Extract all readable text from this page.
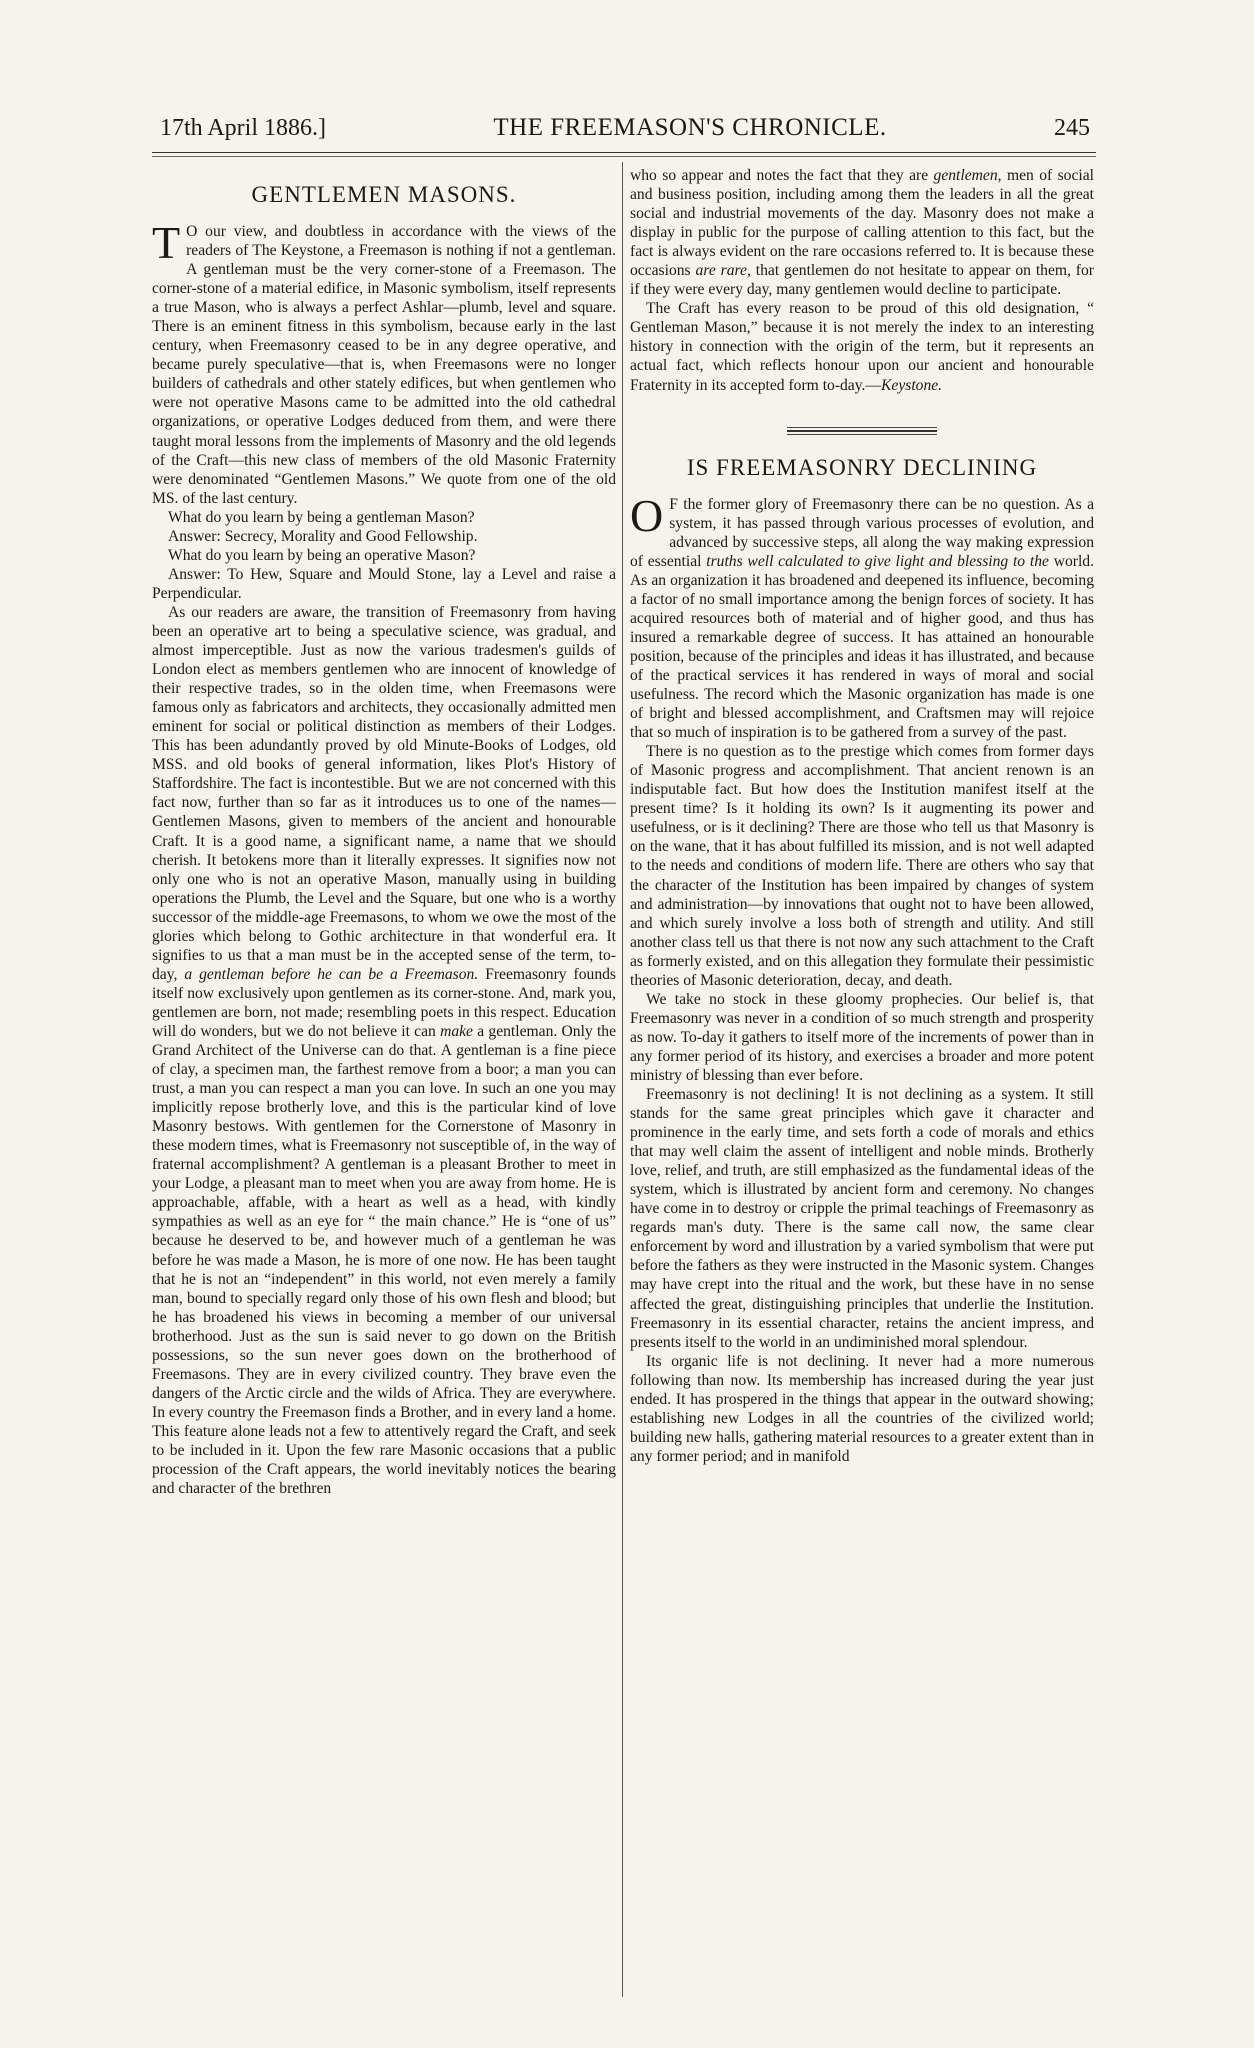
17th April 1886.]	THE FREEMASON'S CHRONICLE.	245
GENTLEMEN MASONS.

T O our view, and doubtless in accordance with the views of the readers of The Keystone, a Freemason is nothing if not a gentleman. A gentleman must be the very corner-stone of a Freemason. The corner-stone of a material edifice, in Masonic symbolism, itself represents a true Mason, who is always a perfect Ashlar—plumb, level and square. There is an eminent fitness in this symbolism, because early in the last century, when Freemasonry ceased to be in any degree operative, and became purely speculative—that is, when Freemasons were no longer builders of cathedrals and other stately edifices, but when gentlemen who were not operative Masons came to be admitted into the old cathedral organizations, or operative Lodges deduced from them, and were there taught moral lessons from the implements of Masonry and the old legends of the Craft—this new class of members of the old Masonic Fraternity were denominated “Gentlemen Masons.” We quote from one of the old MS. of the last century.

What do you learn by being a gentleman Mason?

Answer: Secrecy, Morality and Good Fellowship.

What do you learn by being an operative Mason?

Answer: To Hew, Square and Mould Stone, lay a Level and raise a Perpendicular.

As our readers are aware, the transition of Freemasonry from having been an operative art to being a speculative science, was gradual, and almost imperceptible. Just as now the various tradesmen's guilds of London elect as members gentlemen who are innocent of knowledge of their respective trades, so in the olden time, when Freemasons were famous only as fabricators and architects, they occasionally admitted men eminent for social or political distinction as members of their Lodges. This has been adundantly proved by old Minute-Books of Lodges, old MSS. and old books of general information, likes Plot's History of Staffordshire. The fact is incontestible. But we are not concerned with this fact now, further than so far as it introduces us to one of the names—Gentlemen Masons, given to members of the ancient and honourable Craft. It is a good name, a significant name, a name that we should cherish. It betokens more than it literally expresses. It signifies now not only one who is not an operative Mason, manually using in building operations the Plumb, the Level and the Square, but one who is a worthy successor of the middle-age Freemasons, to whom we owe the most of the glories which belong to Gothic architecture in that wonderful era. It signifies to us that a man must be in the accepted sense of the term, to-day, a gentleman before he can be a Freemason. Freemasonry founds itself now exclusively upon gentlemen as its corner-stone. And, mark you, gentlemen are born, not made; resembling poets in this respect. Education will do wonders, but we do not believe it can make a gentleman. Only the Grand Architect of the Universe can do that. A gentleman is a fine piece of clay, a specimen man, the farthest remove from a boor; a man you can trust, a man you can respect a man you can love. In such an one you may implicitly repose brotherly love, and this is the particular kind of love Masonry bestows. With gentlemen for the Cornerstone of Masonry in these modern times, what is Freemasonry not susceptible of, in the way of fraternal accomplishment? A gentleman is a pleasant Brother to meet in your Lodge, a pleasant man to meet when you are away from home. He is approachable, affable, with a heart as well as a head, with kindly sympathies as well as an eye for “ the main chance.” He is “one of us” because he deserved to be, and however much of a gentleman he was before he was made a Mason, he is more of one now. He has been taught that he is not an “independent” in this world, not even merely a family man, bound to specially regard only those of his own flesh and blood; but he has broadened his views in becoming a member of our universal brotherhood. Just as the sun is said never to go down on the British possessions, so the sun never goes down on the brotherhood of Freemasons. They are in every civilized country. They brave even the dangers of the Arctic circle and the wilds of Africa. They are everywhere. In every country the Freemason finds a Brother, and in every land a home. This feature alone leads not a few to attentively regard the Craft, and seek to be included in it. Upon the few rare Masonic occasions that a public procession of the Craft appears, the world inevitably notices the bearing and character of the brethren

who so appear and notes the fact that they are gentlemen, men of social and business position, including among them the leaders in all the great social and industrial movements of the day. Masonry does not make a display in public for the purpose of calling attention to this fact, but the fact is always evident on the rare occasions referred to. It is because these occasions are rare, that gentlemen do not hesitate to appear on them, for if they were every day, many gentlemen would decline to participate.

The Craft has every reason to be proud of this old designation, “ Gentleman Mason,” because it is not merely the index to an interesting history in connection with the origin of the term, but it represents an actual fact, which reflects honour upon our ancient and honourable Fraternity in its accepted form to-day.—Keystone.

IS FREEMASONRY DECLINING

O F the former glory of Freemasonry there can be no question. As a system, it has passed through various processes of evolution, and advanced by successive steps, all along the way making expression of essential truths well calculated to give light and blessing to the world. As an organization it has broadened and deepened its influence, becoming a factor of no small importance among the benign forces of society. It has acquired resources both of material and of higher good, and thus has insured a remarkable degree of success. It has attained an honourable position, because of the principles and ideas it has illustrated, and because of the practical services it has rendered in ways of moral and social usefulness. The record which the Masonic organization has made is one of bright and blessed accomplishment, and Craftsmen may will rejoice that so much of inspiration is to be gathered from a survey of the past.

There is no question as to the prestige which comes from former days of Masonic progress and accomplishment. That ancient renown is an indisputable fact. But how does the Institution manifest itself at the present time? Is it holding its own? Is it augmenting its power and usefulness, or is it declining? There are those who tell us that Masonry is on the wane, that it has about fulfilled its mission, and is not well adapted to the needs and conditions of modern life. There are others who say that the character of the Institution has been impaired by changes of system and administration—by innovations that ought not to have been allowed, and which surely involve a loss both of strength and utility. And still another class tell us that there is not now any such attachment to the Craft as formerly existed, and on this allegation they formulate their pessimistic theories of Masonic deterioration, decay, and death.

We take no stock in these gloomy prophecies. Our belief is, that Freemasonry was never in a condition of so much strength and prosperity as now. To-day it gathers to itself more of the increments of power than in any former period of its history, and exercises a broader and more potent ministry of blessing than ever before.

Freemasonry is not declining! It is not declining as a system. It still stands for the same great principles which gave it character and prominence in the early time, and sets forth a code of morals and ethics that may well claim the assent of intelligent and noble minds. Brotherly love, relief, and truth, are still emphasized as the fundamental ideas of the system, which is illustrated by ancient form and ceremony. No changes have come in to destroy or cripple the primal teachings of Freemasonry as regards man's duty. There is the same call now, the same clear enforcement by word and illustration by a varied symbolism that were put before the fathers as they were instructed in the Masonic system. Changes may have crept into the ritual and the work, but these have in no sense affected the great, distinguishing principles that underlie the Institution. Freemasonry in its essential character, retains the ancient impress, and presents itself to the world in an undiminished moral splendour.

Its organic life is not declining. It never had a more numerous following than now. Its membership has increased during the year just ended. It has prospered in the things that appear in the outward showing; establishing new Lodges in all the countries of the civilized world; building new halls, gathering material resources to a greater extent than in any former period; and in manifold
